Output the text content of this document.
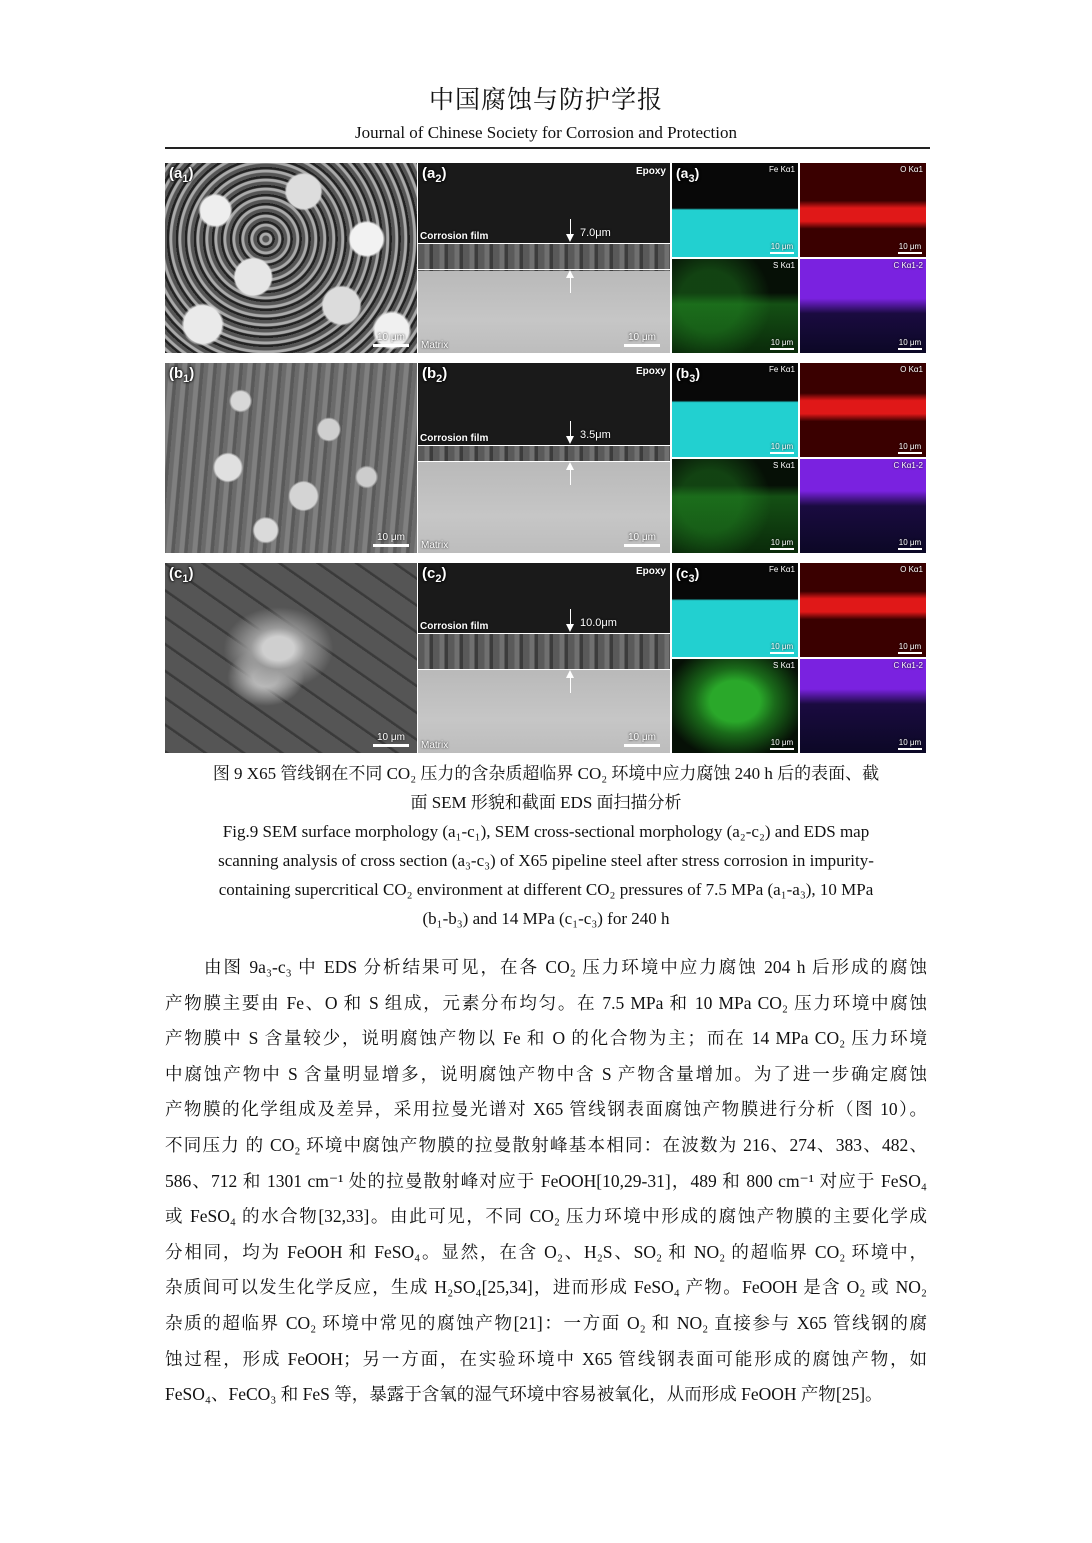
中国腐蚀与防护学报
Journal of Chinese Society for Corrosion and Protection
$(a_1)$
10 μm
7.0μm
Epoxy
Corrosion film
Matrix
$(a_2)$
10 μm
Fe Kα1
10 μm
$(a_3)$	O Kα1
10 μm
S Kα1
10 μm
C Kα1-2
10 μm
$(b_1)$
10 μm
3.5μm
Epoxy
Corrosion film
Matrix
$(b_2)$
10 μm
Fe Kα1
10 μm
$(b_3)$	O Kα1
10 μm
S Kα1
10 μm
C Kα1-2
10 μm
$(c_1)$
10 μm
10.0μm
Epoxy
Corrosion film
Matrix
$(c_2)$
10 μm
Fe Kα1
10 μm
$(c_3)$	O Kα1
10 μm
S Kα1
10 μm
C Kα1-2
10 μm
图 9 X65 管线钢在不同 CO₂ 压力的含杂质超临界 CO₂ 环境中应力腐蚀 240 h 后的表面、截
面 SEM 形貌和截面 EDS 面扫描分析
Fig.9 SEM surface morphology (a₁-c₁), SEM cross-sectional morphology (a₂-c₂) and EDS map
scanning analysis of cross section (a₃-c₃) of X65 pipeline steel after stress corrosion in impurity-
containing supercritical CO₂ environment at different CO₂ pressures of 7.5 MPa (a₁-a₃), 10 MPa
(b₁-b₃) and 14 MPa (c₁-c₃) for 240 h
　　由图 9a₃-c₃ 中 EDS 分析结果可见，在各 CO₂ 压力环境中应力腐蚀 204 h 后形成的腐蚀
产物膜主要由 Fe、O 和 S 组成，元素分布均匀。在 7.5 MPa 和 10 MPa CO₂ 压力环境中腐蚀
产物膜中 S 含量较少，说明腐蚀产物以 Fe 和 O 的化合物为主；而在 14 MPa CO₂ 压力环境
中腐蚀产物中 S 含量明显增多，说明腐蚀产物中含 S 产物含量增加。为了进一步确定腐蚀
产物膜的化学组成及差异，采用拉曼光谱对 X65 管线钢表面腐蚀产物膜进行分析（图 10）。
不同压力 的 CO₂ 环境中腐蚀产物膜的拉曼散射峰基本相同：在波数为 216、274、383、482、
586、712 和 1301 cm⁻¹ 处的拉曼散射峰对应于 FeOOH[10,29-31]，489 和 800 cm⁻¹ 对应于 FeSO₄
或 FeSO₄ 的水合物[32,33]。由此可见，不同 CO₂ 压力环境中形成的腐蚀产物膜的主要化学成
分相同，均为 FeOOH 和 FeSO₄。显然，在含 O₂、H₂S、SO₂ 和 NO₂ 的超临界 CO₂ 环境中，
杂质间可以发生化学反应，生成 H₂SO₄[25,34]，进而形成 FeSO₄ 产物。FeOOH 是含 O₂ 或 NO₂
杂质的超临界 CO₂ 环境中常见的腐蚀产物[21]：一方面 O₂ 和 NO₂ 直接参与 X65 管线钢的腐
蚀过程，形成 FeOOH；另一方面，在实验环境中 X65 管线钢表面可能形成的腐蚀产物，如
FeSO₄、FeCO₃ 和 FeS 等，暴露于含氧的湿气环境中容易被氧化，从而形成 FeOOH 产物[25]。
